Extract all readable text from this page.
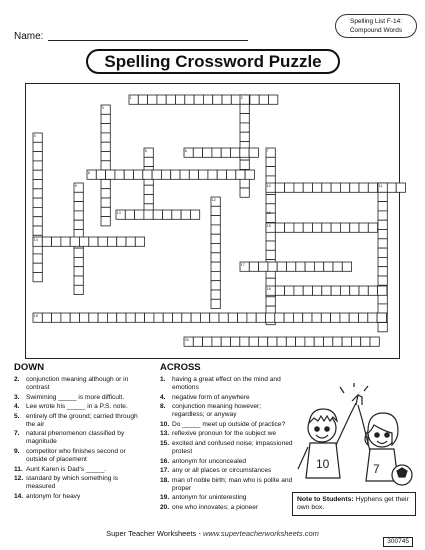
Name:
Spelling List F-14:
Compound Words
Spelling Crossword Puzzle
1	2
3
4
5	6	7
8
9	10	11
12
13
14
15
16
17
18
19
20
DOWN
2. conjunction meaning although or in contrast
3. Swimming _____ is more difficult.
4. Lee wrote his _____ in a P.S. note.
5. entirely off the ground; carried through the air
7. natural phenomenon classified by magnitude
9. competitor who finishes second or outside of placement
11. Aunt Karen is Dad's _____.
12. standard by which something is measured
14. antonym for heavy
ACROSS
1. having a great effect on the mind and emotions
4. negative form of anywhere
8. conjunction meaning however; regardless; or anyway
10. Do _____ meet up outside of practice?
13. reflexive pronoun for the subject we
15. excited and confused noise; impassioned protest
16. antonym for unconcealed
17. any or all places or circumstances
18. man of noble birth; man who is polite and proper
19. antonym for uninteresting
20. one who innovates; a pioneer
10	7
Note to Students: Hyphens get their own box.
Super Teacher Worksheets - www.superteacherworksheets.com
300745
